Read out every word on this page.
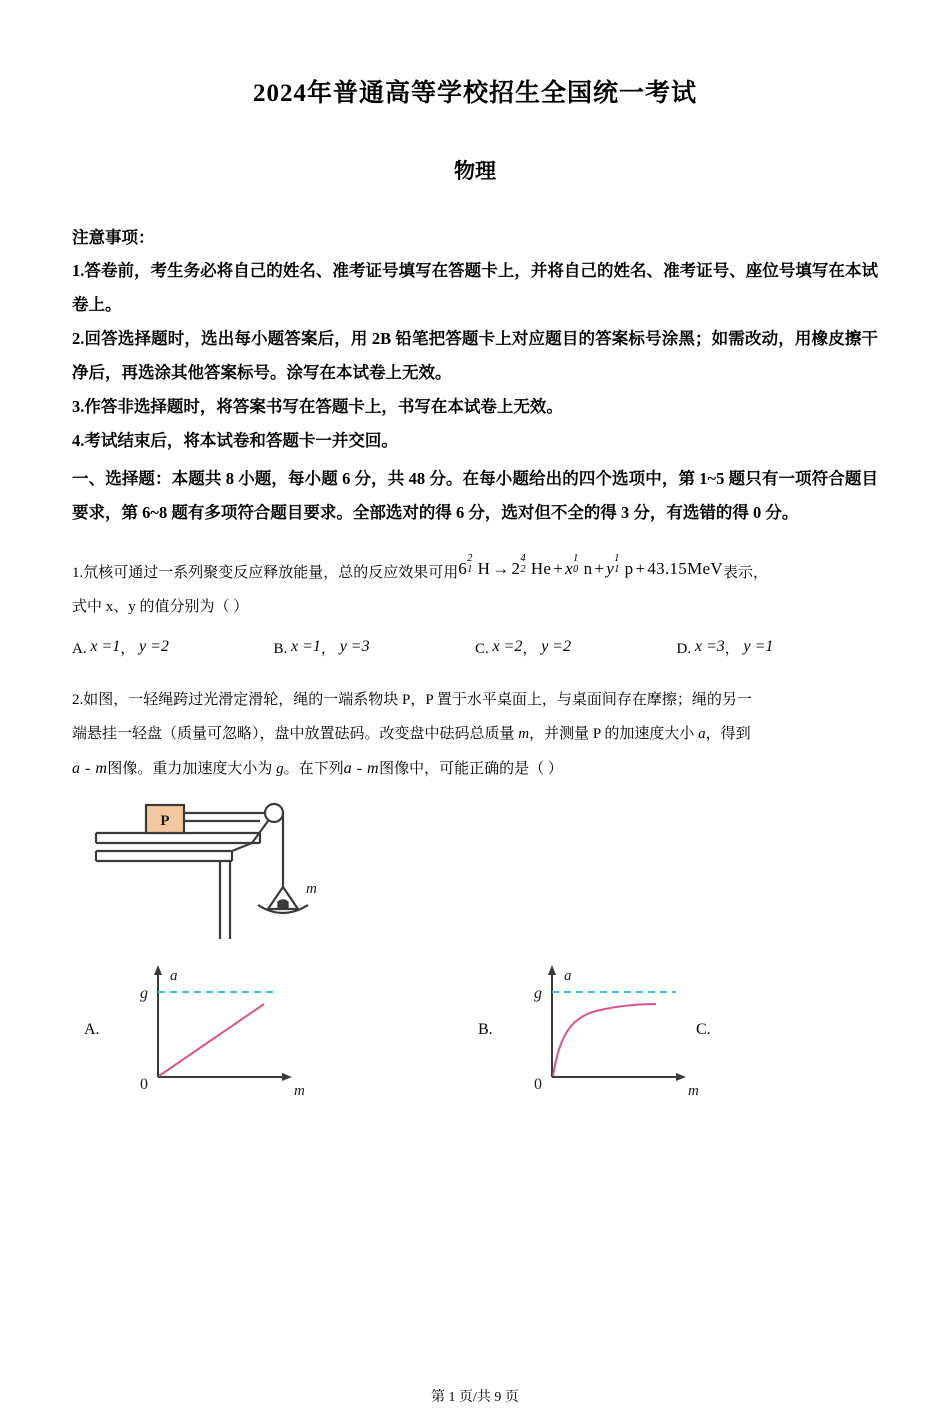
2024年普通高等学校招生全国统一考试
物理
注意事项：
1.答卷前，考生务必将自己的姓名、准考证号填写在答题卡上，并将自己的姓名、准考证号、座位号填写在本试卷上。
2.回答选择题时，选出每小题答案后，用 2B 铅笔把答题卡上对应题目的答案标号涂黑；如需改动，用橡皮擦干净后，再选涂其他答案标号。涂写在本试卷上无效。
3.作答非选择题时，将答案书写在答题卡上，书写在本试卷上无效。
4.考试结束后，将本试卷和答题卡一并交回。
一、选择题：本题共 8 小题，每小题 6 分，共 48 分。在每小题给出的四个选项中，第 1~5 题只有一项符合题目要求，第 6~8 题有多项符合题目要求。全部选对的得 6 分，选对但不全的得 3 分，有选错的得 0 分。
1.氘核可通过一系列聚变反应释放能量，总的反应效果可用6
2
1 H → 2
4
2 He + x
1
0 n + y
1
1 p + 43.15MeV表示，
式中 x、y 的值分别为（ ）
A. x =1， y =2	B. x =1， y =3	C. x =2， y =2	D. x =3， y =1
2.如图，一轻绳跨过光滑定滑轮，绳的一端系物块 P，P 置于水平桌面上，与桌面间存在摩擦；绳的另一
端悬挂一轻盘（质量可忽略），盘中放置砝码。改变盘中砝码总质量 m，并测量 P 的加速度大小 a，得到
a - m图像。重力加速度大小为 g。在下列a - m图像中，可能正确的是（ ）
P
m
A.
a
g
0	m
B.
a
g
0	m
C.
第 1 页/共 9 页
